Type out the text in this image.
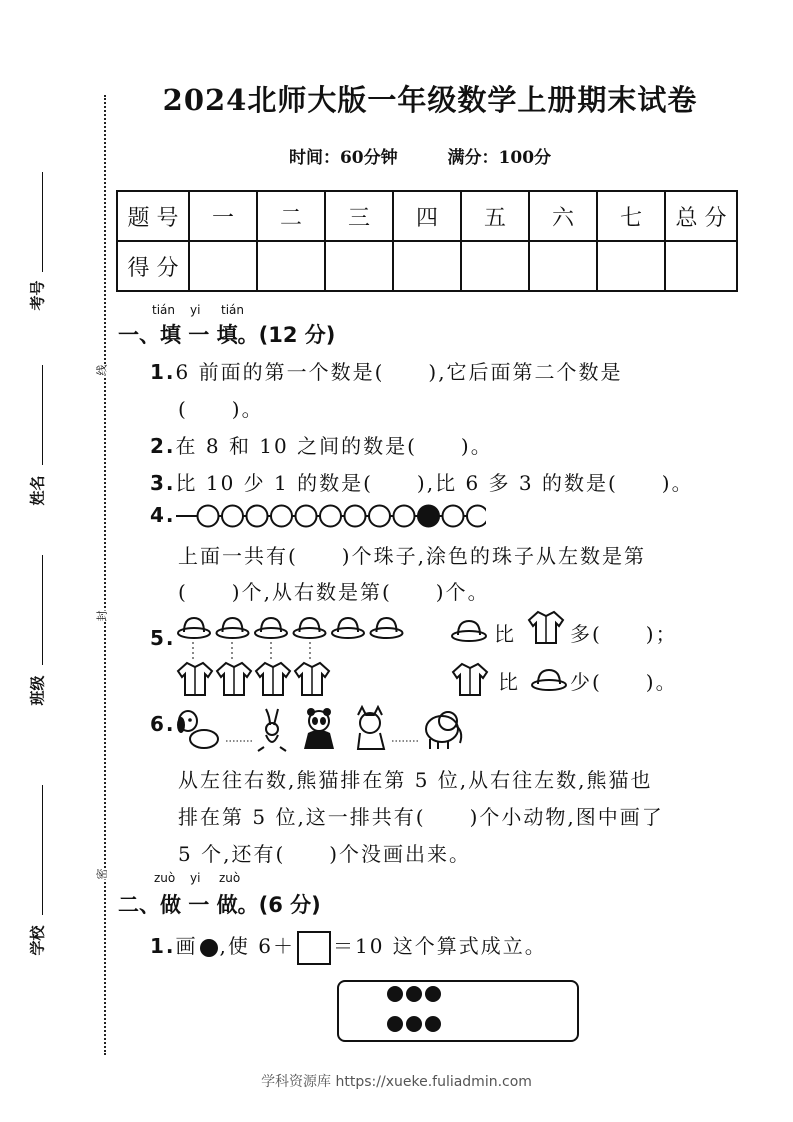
考号
姓名
班级
学校
线
封
密
2024北师大版一年级数学上册期末试卷
时间：60分钟	满分：100分
题 号	一	二	三	四	五	六	七	总 分
得 分								
tián yi tián
一、填 一 填。(12 分)
1.6 前面的第一个数是(　　),它后面第二个数是
(　　)。
2.在 8 和 10 之间的数是(　　)。
3.比 10 少 1 的数是(　　),比 6 多 3 的数是(　　)。
4.
上面一共有(　　)个珠子,涂色的珠子从左数是第
(　　)个,从右数是第(　　)个。
5.	比	多(　　)；
比	少(　　)。
6.
从左往右数,熊猫排在第 5 位,从右往左数,熊猫也
排在第 5 位,这一排共有(　　)个小动物,图中画了
5 个,还有(　　)个没画出来。
zuò yi zuò
二、做 一 做。(6 分)
1.画 ,使 6＋ ＝10 这个算式成立。
学科资源库 https://xueke.fuliadmin.com
